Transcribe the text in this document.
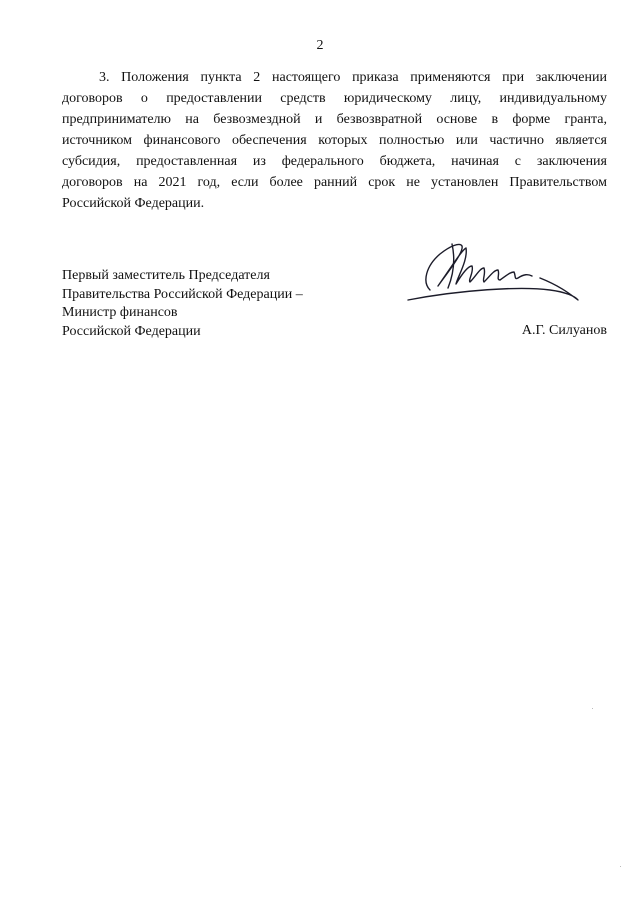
2
3. Положения пункта 2 настоящего приказа применяются при заключении
договоров о предоставлении средств юридическому лицу, индивидуальному
предпринимателю на безвозмездной и безвозвратной основе в форме гранта,
источником финансового обеспечения которых полностью или частично является
субсидия, предоставленная из федерального бюджета, начиная с заключения
договоров на 2021 год, если более ранний срок не установлен Правительством
Российской Федерации.
Первый заместитель Председателя
Правительства Российской Федерации –
Министр финансов
Российской Федерации	А.Г. Силуанов
